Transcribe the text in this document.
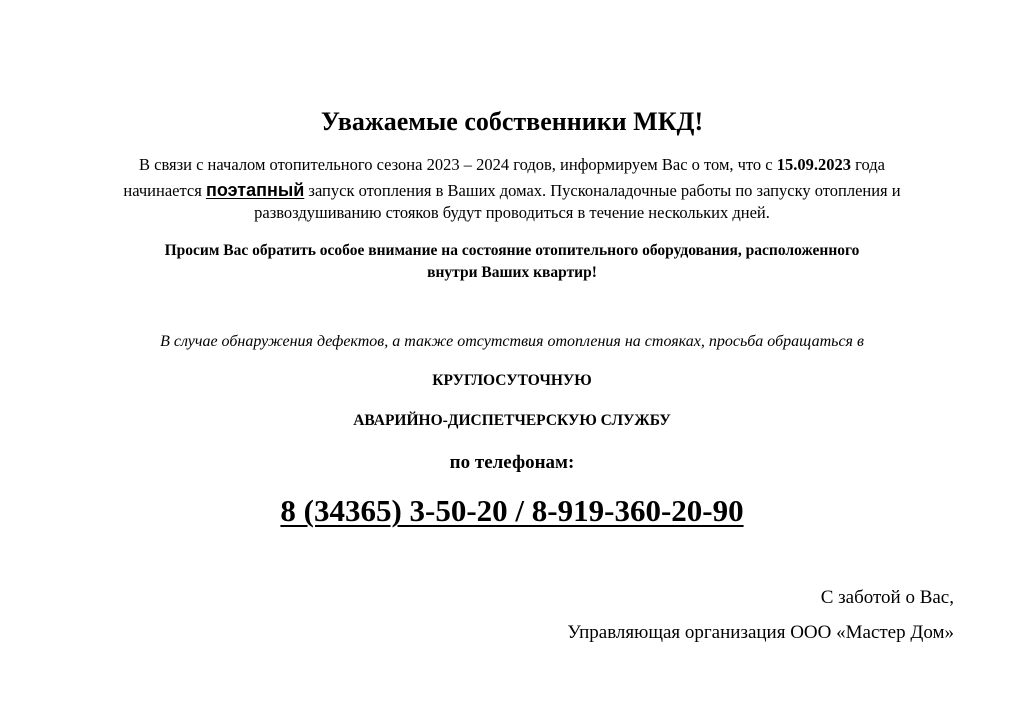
Уважаемые собственники МКД!
В связи с началом отопительного сезона 2023 – 2024 годов, информируем Вас о том, что с 15.09.2023 года
начинается поэтапный запуск отопления в Ваших домах. Пусконаладочные работы по запуску отопления и
развоздушиванию стояков будут проводиться в течение нескольких дней.
Просим Вас обратить особое внимание на состояние отопительного оборудования, расположенного
внутри Ваших квартир!
В случае обнаружения дефектов, а также отсутствия отопления на стояках, просьба обращаться в
КРУГЛОСУТОЧНУЮ
АВАРИЙНО-ДИСПЕТЧЕРСКУЮ СЛУЖБУ
по телефонам:
8 (34365) 3-50-20 / 8-919-360-20-90
С заботой о Вас,
Управляющая организация ООО «Мастер Дом»
